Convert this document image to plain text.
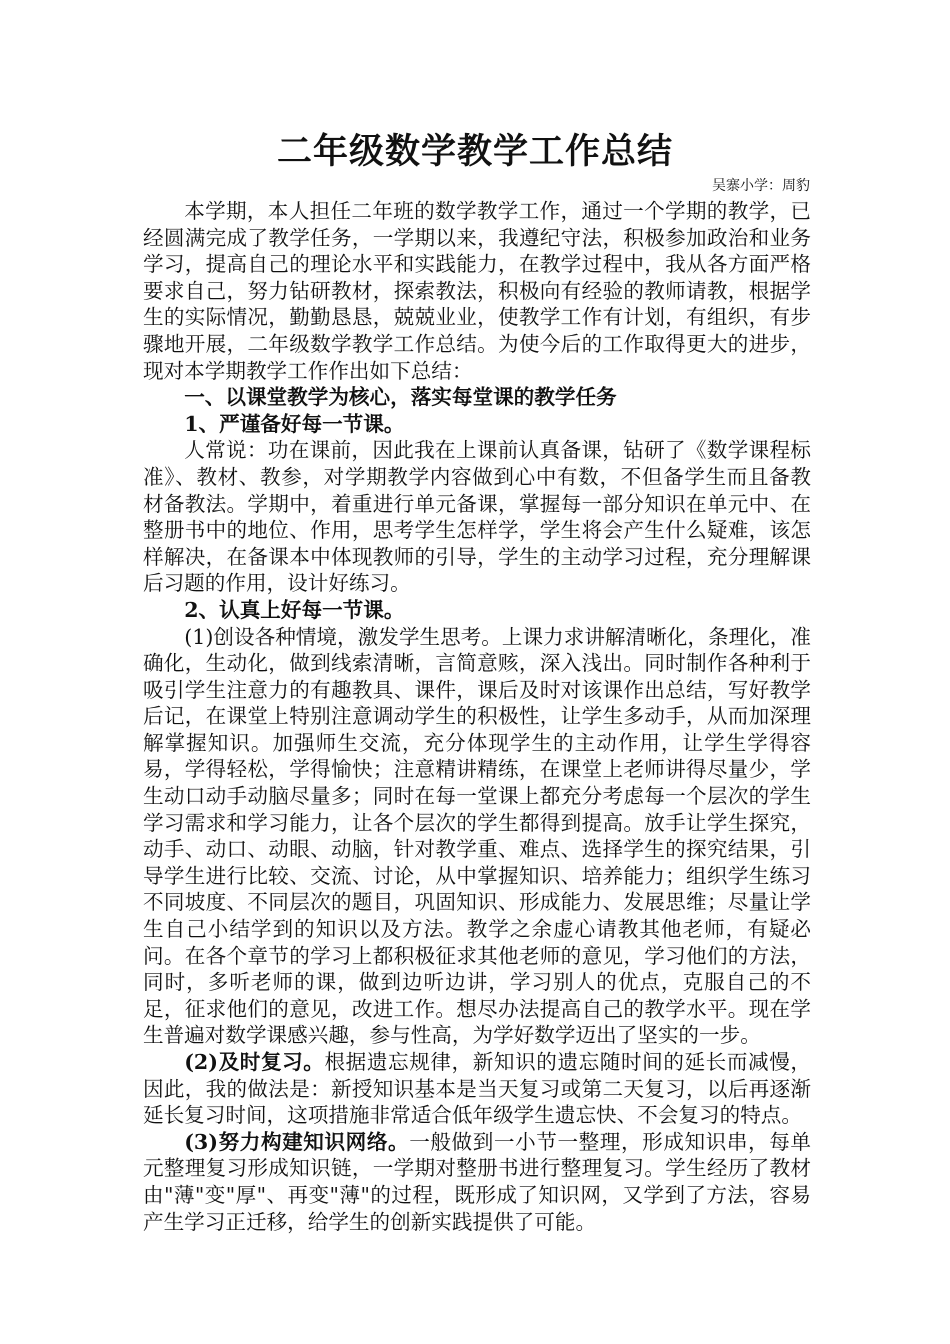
二年级数学教学工作总结
吴寨小学：周豹

本学期，本人担任二年班的数学教学工作，通过一个学期的教学，已经圆满完成了教学任务，一学期以来，我遵纪守法，积极参加政治和业务学习，提高自己的理论水平和实践能力，在教学过程中，我从各方面严格要求自己，努力钻研教材，探索教法，积极向有经验的教师请教，根据学生的实际情况，勤勤恳恳，兢兢业业，使教学工作有计划，有组织，有步骤地开展，二年级数学教学工作总结。为使今后的工作取得更大的进步，现对本学期教学工作作出如下总结：

一、以课堂教学为核心，落实每堂课的教学任务

1、严谨备好每一节课。

人常说：功在课前，因此我在上课前认真备课，钻研了《数学课程标准》、教材、教参，对学期教学内容做到心中有数，不但备学生而且备教材备教法。学期中，着重进行单元备课，掌握每一部分知识在单元中、在整册书中的地位、作用，思考学生怎样学，学生将会产生什么疑难，该怎样解决，在备课本中体现教师的引导，学生的主动学习过程，充分理解课后习题的作用，设计好练习。

2、认真上好每一节课。

(1)创设各种情境，激发学生思考。上课力求讲解清晰化，条理化，准确化，生动化，做到线索清晰，言简意赅，深入浅出。同时制作各种利于吸引学生注意力的有趣教具、课件，课后及时对该课作出总结，写好教学后记，在课堂上特别注意调动学生的积极性，让学生多动手，从而加深理解掌握知识。加强师生交流，充分体现学生的主动作用，让学生学得容易，学得轻松，学得愉快；注意精讲精练，在课堂上老师讲得尽量少，学生动口动手动脑尽量多；同时在每一堂课上都充分考虑每一个层次的学生学习需求和学习能力，让各个层次的学生都得到提高。放手让学生探究，动手、动口、动眼、动脑，针对教学重、难点、选择学生的探究结果，引导学生进行比较、交流、讨论，从中掌握知识、培养能力；组织学生练习不同坡度、不同层次的题目，巩固知识、形成能力、发展思维；尽量让学生自己小结学到的知识以及方法。教学之余虚心请教其他老师，有疑必问。在各个章节的学习上都积极征求其他老师的意见，学习他们的方法，同时，多听老师的课，做到边听边讲，学习别人的优点，克服自己的不足，征求他们的意见，改进工作。想尽办法提高自己的教学水平。现在学生普遍对数学课感兴趣，参与性高，为学好数学迈出了坚实的一步。

(2)及时复习。根据遗忘规律，新知识的遗忘随时间的延长而减慢，因此，我的做法是：新授知识基本是当天复习或第二天复习，以后再逐渐延长复习时间，这项措施非常适合低年级学生遗忘快、不会复习的特点。

(3)努力构建知识网络。一般做到一小节一整理，形成知识串，每单元整理复习形成知识链，一学期对整册书进行整理复习。学生经历了教材由"薄"变"厚"、再变"薄"的过程，既形成了知识网，又学到了方法，容易产生学习正迁移，给学生的创新实践提供了可能。
